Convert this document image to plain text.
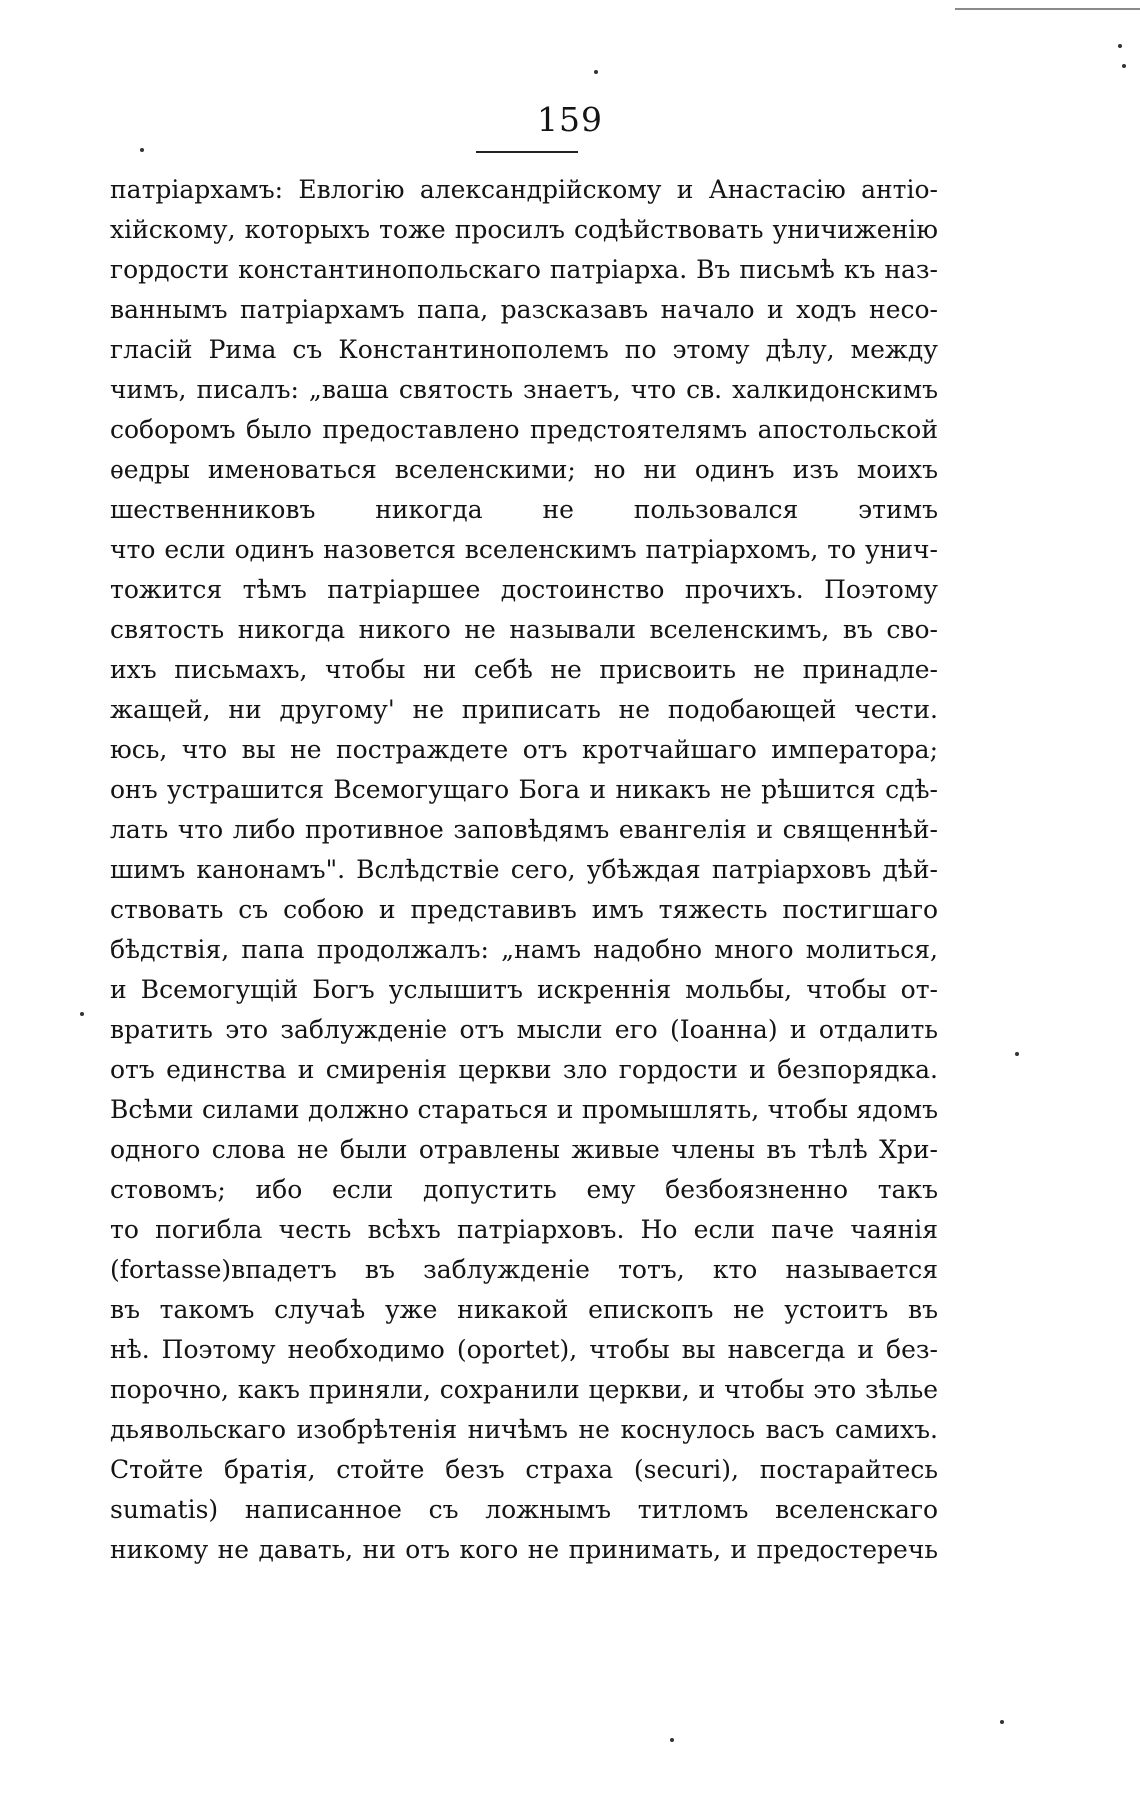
159
патріархамъ: Евлогію александрійскому и Анастасію антіо-
хійскому, которыхъ тоже просилъ содѣйствовать уничиженію
гордости константинопольскаго патріарха. Въ письмѣ къ наз-
ваннымъ патріархамъ папа, разсказавъ начало и ходъ несо-
гласій Рима съ Константинополемъ по этому дѣлу, между
чимъ, писалъ: „ваша святость знаетъ, что св. халкидонскимъ
соборомъ было предоставлено предстоятелямъ апостольской
ѳедры именоваться вселенскими; но ни одинъ изъ моихъ
шественниковъ никогда не пользовался этимъ
что если одинъ назовется вселенскимъ патріархомъ, то унич-
тожится тѣмъ патріаршее достоинство прочихъ. Поэтому
святость никогда никого не называли вселенскимъ, въ сво-
ихъ письмахъ, чтобы ни себѣ не присвоить не принадле-
жащей, ни другому' не приписать не подобающей чести.
юсь, что вы не постраждете отъ кротчайшаго императора;
онъ устрашится Всемогущаго Бога и никакъ не рѣшится сдѣ-
лать что либо противное заповѣдямъ евангелія и священнѣй-
шимъ канонамъ". Вслѣдствіе сего, убѣждая патріарховъ дѣй-
ствовать съ собою и представивъ имъ тяжесть постигшаго
бѣдствія, папа продолжалъ: „намъ надобно много молиться,
и Всемогущій Богъ услышитъ искреннія мольбы, чтобы от-
вратить это заблужденіе отъ мысли его (Іоанна) и отдалить
отъ единства и смиренія церкви зло гордости и безпорядка.
Всѣми силами должно стараться и промышлять, чтобы ядомъ
одного слова не были отравлены живые члены въ тѣлѣ Хри-
стовомъ; ибо если допустить ему безбоязненно такъ
то погибла честь всѣхъ патріарховъ. Но если паче чаянія
(fortasse)впадетъ въ заблужденіе тотъ, кто называется
въ такомъ случаѣ уже никакой епископъ не устоитъ въ
нѣ. Поэтому необходимо (oportet), чтобы вы навсегда и без-
порочно, какъ приняли, сохранили церкви, и чтобы это зѣлье
дьявольскаго изобрѣтенія ничѣмъ не коснулось васъ самихъ.
Стойте братія, стойте безъ страха (securi), постарайтесь
sumatis) написанное съ ложнымъ титломъ вселенскаго
никому не давать, ни отъ кого не принимать, и предостеречь
